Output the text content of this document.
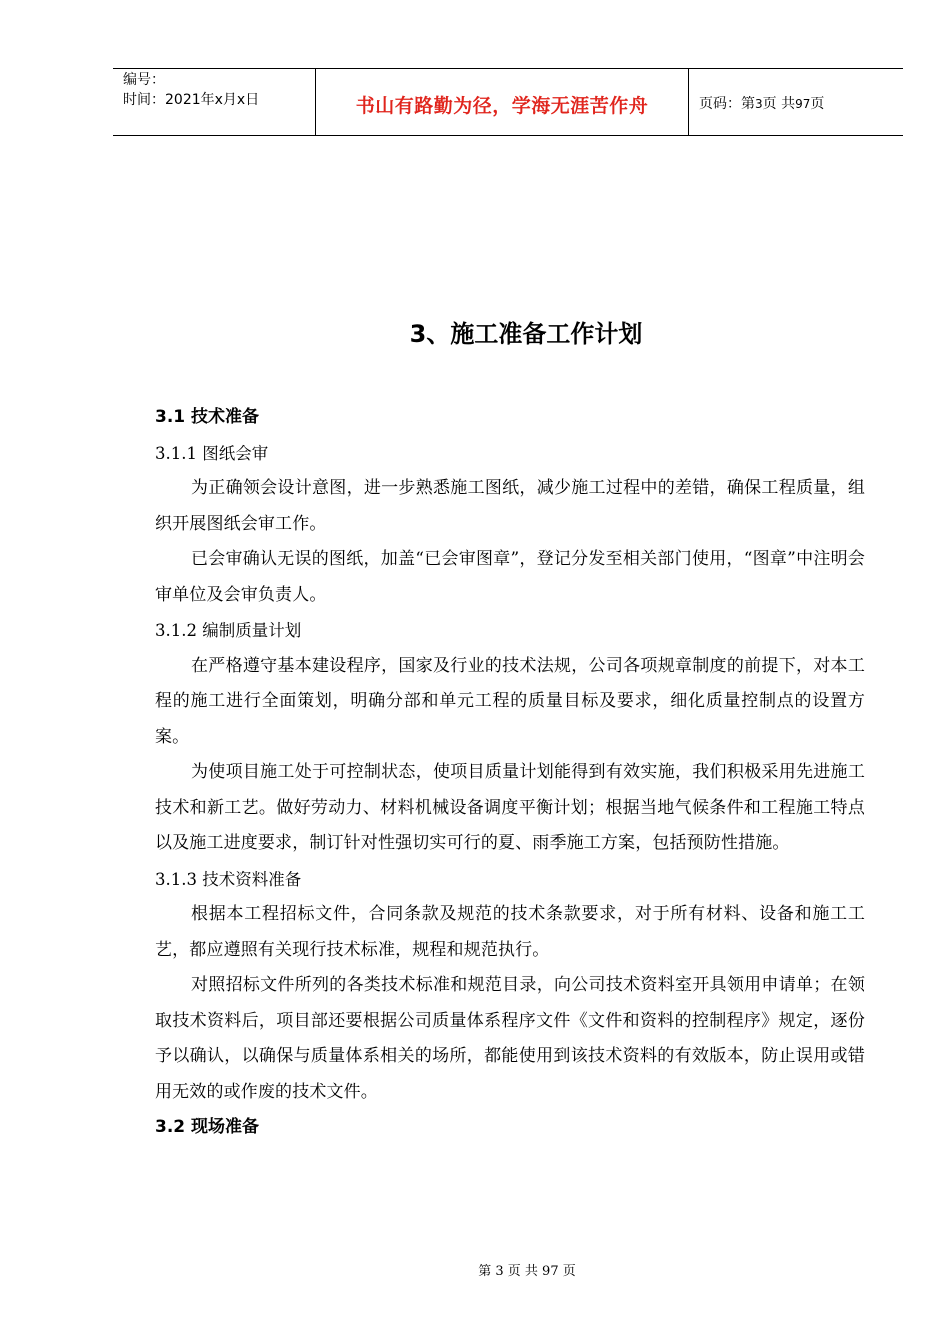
编号：
时间：2021年x月x日	书山有路勤为径，学海无涯苦作舟	页码：第3页 共97页
3、施工准备工作计划

3.1 技术准备

3.1.1 图纸会审

为正确领会设计意图，进一步熟悉施工图纸，减少施工过程中的差错，确保工程质量，组织开展图纸会审工作。

已会审确认无误的图纸，加盖“已会审图章”，登记分发至相关部门使用，“图章”中注明会审单位及会审负责人。

3.1.2 编制质量计划

在严格遵守基本建设程序，国家及行业的技术法规，公司各项规章制度的前提下，对本工程的施工进行全面策划，明确分部和单元工程的质量目标及要求，细化质量控制点的设置方案。

为使项目施工处于可控制状态，使项目质量计划能得到有效实施，我们积极采用先进施工技术和新工艺。做好劳动力、材料机械设备调度平衡计划；根据当地气候条件和工程施工特点以及施工进度要求，制订针对性强切实可行的夏、雨季施工方案，包括预防性措施。

3.1.3 技术资料准备

根据本工程招标文件，合同条款及规范的技术条款要求，对于所有材料、设备和施工工艺，都应遵照有关现行技术标准，规程和规范执行。

对照招标文件所列的各类技术标准和规范目录，向公司技术资料室开具领用申请单；在领取技术资料后，项目部还要根据公司质量体系程序文件《文件和资料的控制程序》规定，逐份予以确认，以确保与质量体系相关的场所，都能使用到该技术资料的有效版本，防止误用或错用无效的或作废的技术文件。

3.2 现场准备

第 3 页 共 97 页
